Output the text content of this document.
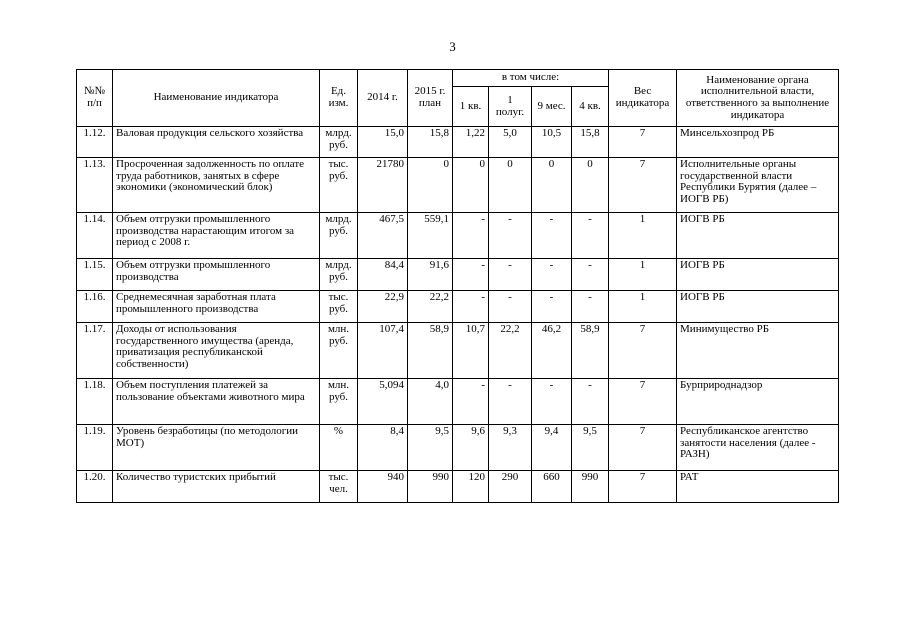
3
№№ п/п	Наименование индикатора	Ед. изм.	2014 г.	2015 г. план	в том числе:				Вес индикатора	Наименование органа исполнительной власти, ответственного за выполнение индикатора
					1 кв.	1 полуг.	9 мес.	4 кв.		
1.12.	Валовая продукция сельского хозяйства	млрд. руб.	15,0	15,8	1,22	5,0	10,5	15,8	7	Минсельхозпрод РБ
1.13.	Просроченная задолженность по оплате труда работников, занятых в сфере экономики (экономический блок)	тыс. руб.	21780	0	0	0	0	0	7	Исполнительные органы государственной власти Республики Бурятия (далее – ИОГВ РБ)
1.14.	Объем отгрузки промышленного производства нарастающим итогом за период с 2008 г.	млрд. руб.	467,5	559,1	-	-	-	-	1	ИОГВ РБ
1.15.	Объем отгрузки промышленного производства	млрд. руб.	84,4	91,6	-	-	-	-	1	ИОГВ РБ
1.16.	Среднемесячная заработная плата промышленного производства	тыс. руб.	22,9	22,2	-	-	-	-	1	ИОГВ РБ
1.17.	Доходы от использования государственного имущества (аренда, приватизация республиканской собственности)	млн. руб.	107,4	58,9	10,7	22,2	46,2	58,9	7	Минимущество РБ
1.18.	Объем поступления платежей за пользование объектами животного мира	млн. руб.	5,094	4,0	-	-	-	-	7	Бурприроднадзор
1.19.	Уровень безработицы (по методологии МОТ)	%	8,4	9,5	9,6	9,3	9,4	9,5	7	Республиканское агентство занятости населения (далее - РАЗН)
1.20.	Количество туристских прибытий	тыс. чел.	940	990	120	290	660	990	7	РАТ
